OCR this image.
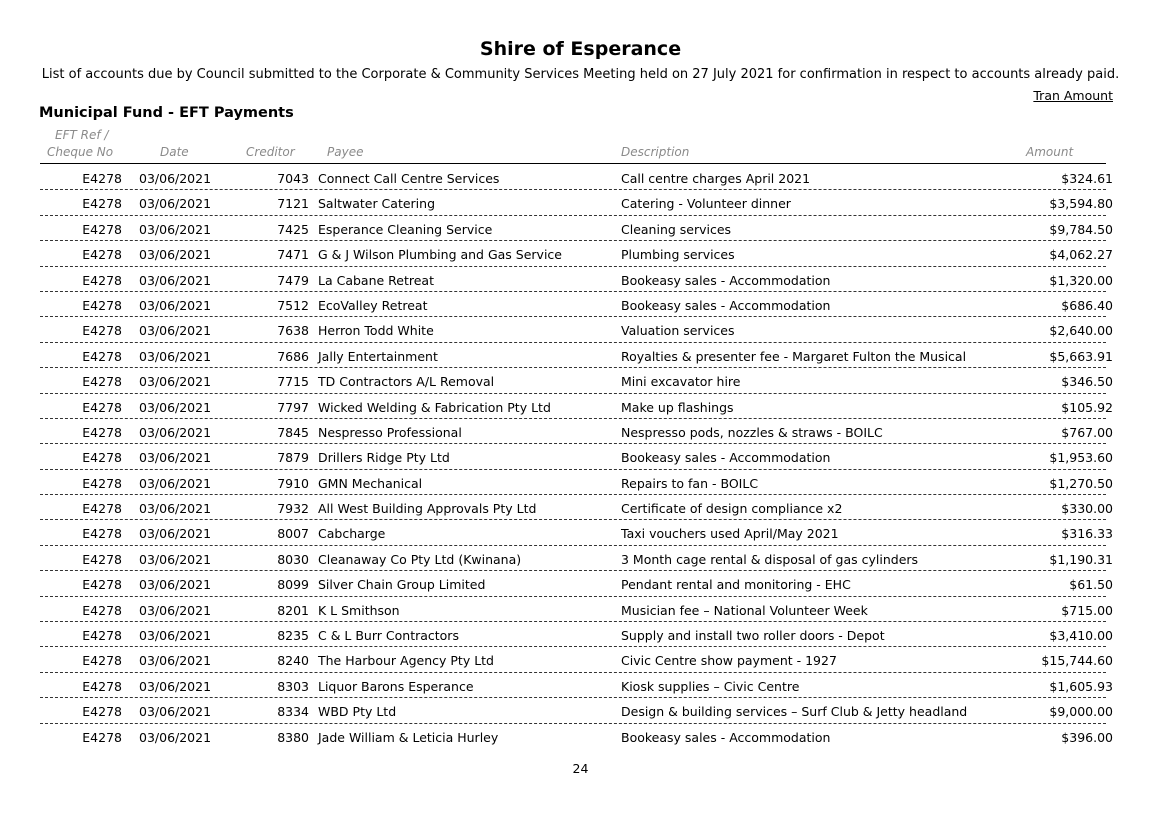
Shire of Esperance
List of accounts due by Council submitted to the Corporate & Community Services Meeting held on 27 July 2021 for confirmation in respect to accounts already paid.
Tran Amount
Municipal Fund - EFT Payments
EFT Ref /
Cheque No	Date	Creditor	Payee	Description	Amount
E4278 03/06/2021	7043 Connect Call Centre Services	Call centre charges April 2021	$324.61
E4278 03/06/2021	7121 Saltwater Catering	Catering - Volunteer dinner	$3,594.80
E4278 03/06/2021	7425 Esperance Cleaning Service	Cleaning services	$9,784.50
E4278 03/06/2021	7471 G & J Wilson Plumbing and Gas Service	Plumbing services	$4,062.27
E4278 03/06/2021	7479 La Cabane Retreat	Bookeasy sales - Accommodation	$1,320.00
E4278 03/06/2021	7512 EcoValley Retreat	Bookeasy sales - Accommodation	$686.40
E4278 03/06/2021	7638 Herron Todd White	Valuation services	$2,640.00
E4278 03/06/2021	7686 Jally Entertainment	Royalties & presenter fee - Margaret Fulton the Musical	$5,663.91
E4278 03/06/2021	7715 TD Contractors A/L Removal	Mini excavator hire	$346.50
E4278 03/06/2021	7797 Wicked Welding & Fabrication Pty Ltd	Make up flashings	$105.92
E4278 03/06/2021	7845 Nespresso Professional	Nespresso pods, nozzles & straws - BOILC	$767.00
E4278 03/06/2021	7879 Drillers Ridge Pty Ltd	Bookeasy sales - Accommodation	$1,953.60
E4278 03/06/2021	7910 GMN Mechanical	Repairs to fan - BOILC	$1,270.50
E4278 03/06/2021	7932 All West Building Approvals Pty Ltd	Certificate of design compliance x2	$330.00
E4278 03/06/2021	8007 Cabcharge	Taxi vouchers used April/May 2021	$316.33
E4278 03/06/2021	8030 Cleanaway Co Pty Ltd (Kwinana)	3 Month cage rental & disposal of gas cylinders	$1,190.31
E4278 03/06/2021	8099 Silver Chain Group Limited	Pendant rental and monitoring - EHC	$61.50
E4278 03/06/2021	8201 K L Smithson	Musician fee – National Volunteer Week	$715.00
E4278 03/06/2021	8235 C & L Burr Contractors	Supply and install two roller doors - Depot	$3,410.00
E4278 03/06/2021	8240 The Harbour Agency Pty Ltd	Civic Centre show payment - 1927	$15,744.60
E4278 03/06/2021	8303 Liquor Barons Esperance	Kiosk supplies – Civic Centre	$1,605.93
E4278 03/06/2021	8334 WBD Pty Ltd	Design & building services – Surf Club & Jetty headland	$9,000.00
E4278 03/06/2021	8380 Jade William & Leticia Hurley	Bookeasy sales - Accommodation	$396.00
24
